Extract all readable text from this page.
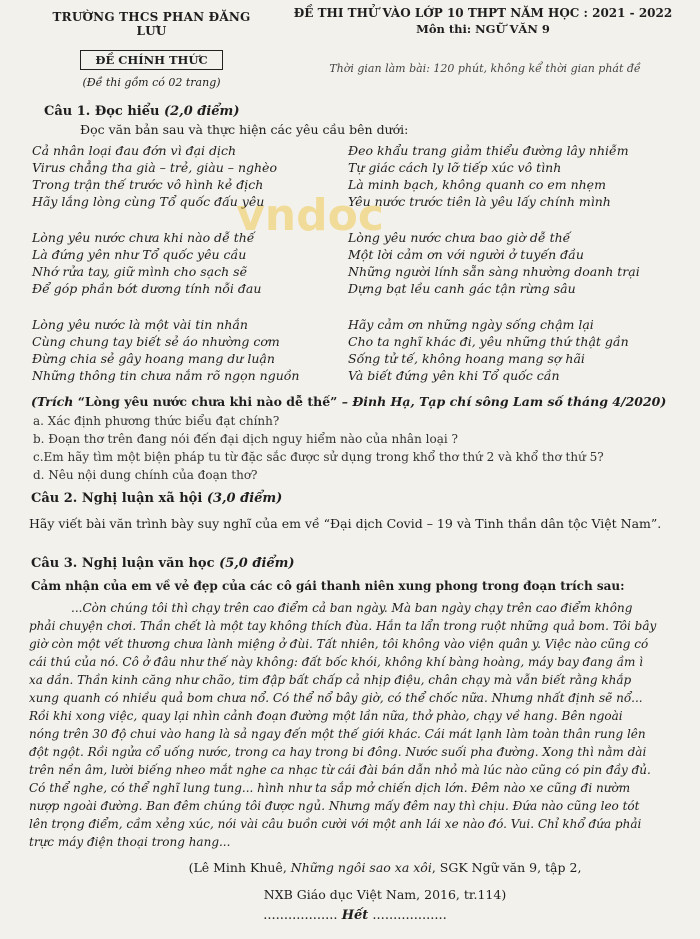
TRƯỜNG THCS PHAN ĐĂNG LƯU
ĐỀ CHÍNH THỨC
(Đề thi gồm có 02 trang)
ĐỀ THI THỬ VÀO LỚP 10 THPT NĂM HỌC : 2021 - 2022
Môn thi: NGỮ VĂN 9
Thời gian làm bài: 120 phút, không kể thời gian phát đề
Câu 1. Đọc hiểu (2,0 điểm)
Đọc văn bản sau và thực hiện các yêu cầu bên dưới:
Cả nhân loại đau đớn vì đại dịch
Virus chẳng tha già – trẻ, giàu – nghèo
Trong trận thế trước vô hình kẻ địch
Hãy lắng lòng cùng Tổ quốc đấu yêu
Lòng yêu nước chưa khi nào dễ thế
Là đứng yên như Tổ quốc yêu cầu
Nhớ rửa tay, giữ mình cho sạch sẽ
Để góp phần bớt dương tính nỗi đau
Lòng yêu nước là một vài tin nhắn
Cùng chung tay biết sẻ áo nhường cơm
Đừng chia sẻ gây hoang mang dư luận
Những thông tin chưa nắm rõ ngọn nguồn
Đeo khẩu trang giảm thiểu đường lây nhiễm
Tự giác cách ly lỡ tiếp xúc vô tình
Là minh bạch, không quanh co em nhẹm
Yêu nước trước tiên là yêu lấy chính mình
Lòng yêu nước chưa bao giờ dễ thế
Một lời cảm ơn với người ở tuyến đầu
Những người lính sẵn sàng nhường doanh trại
Dựng bạt lều canh gác tận rừng sâu
Hãy cảm ơn những ngày sống chậm lại
Cho ta nghĩ khác đi, yêu những thứ thật gần
Sống tử tế, không hoang mang sợ hãi
Và biết đứng yên khi Tổ quốc cần
vndoc
(Trích “Lòng yêu nước chưa khi nào dễ thế” – Đinh Hạ, Tạp chí sông Lam số tháng 4/2020)
a. Xác định phương thức biểu đạt chính?
b. Đoạn thơ trên đang nói đến đại dịch nguy hiểm nào của nhân loại ?
c.Em hãy tìm một biện pháp tu từ đặc sắc được sử dụng trong khổ thơ thứ 2 và khổ thơ thứ 5?
d. Nêu nội dung chính của đoạn thơ?
Câu 2. Nghị luận xã hội (3,0 điểm)
Hãy viết bài văn trình bày suy nghĩ của em về “Đại dịch Covid – 19 và Tinh thần dân tộc Việt Nam”.
Câu 3. Nghị luận văn học (5,0 điểm)
Cảm nhận của em về vẻ đẹp của các cô gái thanh niên xung phong trong đoạn trích sau:
...Còn chúng tôi thì chạy trên cao điểm cả ban ngày. Mà ban ngày chạy trên cao điểm không
phải chuyện chơi. Thần chết là một tay không thích đùa. Hắn ta lẩn trong ruột những quả bom. Tôi bây
giờ còn một vết thương chưa lành miệng ở đùi. Tất nhiên, tôi không vào viện quân y. Việc nào cũng có
cái thú của nó. Cô ở đâu như thế này không: đất bốc khói, không khí bàng hoàng, máy bay đang ầm ì
xa dần. Thần kinh căng như chão, tim đập bất chấp cả nhịp điệu, chân chạy mà vẫn biết rằng khắp
xung quanh có nhiều quả bom chưa nổ. Có thể nổ bây giờ, có thể chốc nữa. Nhưng nhất định sẽ nổ...
Rồi khi xong việc, quay lại nhìn cảnh đoạn đường một lần nữa, thở phào, chạy về hang. Bên ngoài
nóng trên 30 độ chui vào hang là sả ngay đến một thế giới khác. Cái mát lạnh làm toàn thân rung lên
đột ngột. Rồi ngửa cổ uống nước, trong ca hay trong bi đông. Nước suối pha đường. Xong thì nằm dài
trên nền âm, lười biếng nheo mắt nghe ca nhạc từ cái đài bán dẫn nhỏ mà lúc nào cũng có pin đầy đủ.
Có thể nghe, có thể nghĩ lung tung... hình như ta sắp mở chiến dịch lớn. Đêm nào xe cũng đi nườm
nượp ngoài đường. Ban đêm chúng tôi được ngủ. Nhưng mấy đêm nay thì chịu. Đứa nào cũng leo tót
lên trọng điểm, cầm xẻng xúc, nói vài câu buồn cười với một anh lái xe nào đó. Vui. Chỉ khổ đứa phải
trực máy điện thoại trong hang...
(Lê Minh Khuê, Những ngôi sao xa xôi, SGK Ngữ văn 9, tập 2,
NXB Giáo dục Việt Nam, 2016, tr.114)
.................. Hết ..................
